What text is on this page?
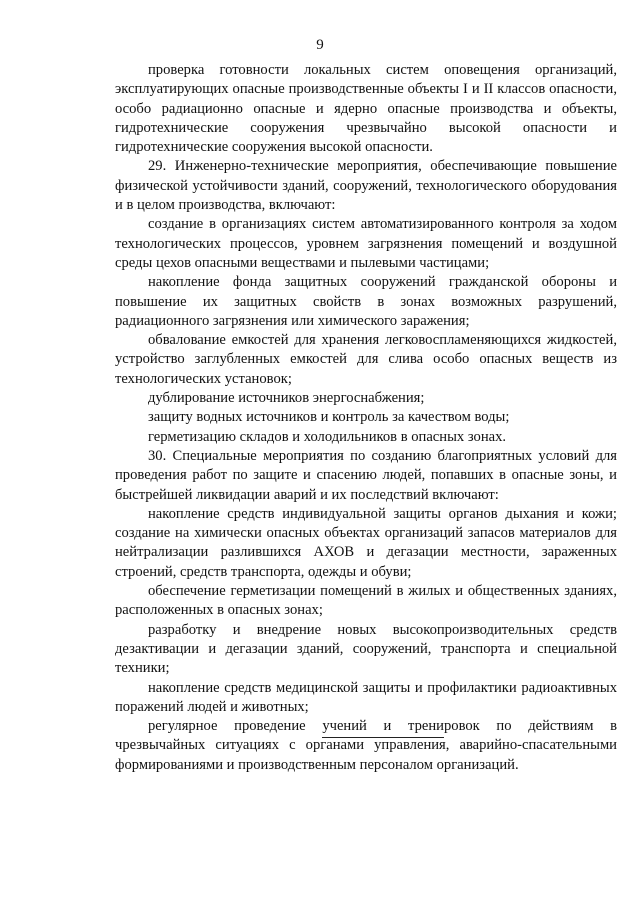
9

проверка готовности локальных систем оповещения организаций, эксплуатирующих опасные производственные объекты I и II классов опасности, особо радиационно опасные и ядерно опасные производства и объекты, гидротехнические сооружения чрезвычайно высокой опасности и гидротехнические сооружения высокой опасности.

29. Инженерно-технические мероприятия, обеспечивающие повышение физической устойчивости зданий, сооружений, технологического оборудования и в целом производства, включают:

создание в организациях систем автоматизированного контроля за ходом технологических процессов, уровнем загрязнения помещений и воздушной среды цехов опасными веществами и пылевыми частицами;

накопление фонда защитных сооружений гражданской обороны и повышение их защитных свойств в зонах возможных разрушений, радиационного загрязнения или химического заражения;

обвалование емкостей для хранения легковоспламеняющихся жидкостей, устройство заглубленных емкостей для слива особо опасных веществ из технологических установок;

дублирование источников энергоснабжения;

защиту водных источников и контроль за качеством воды;

герметизацию складов и холодильников в опасных зонах.

30. Специальные мероприятия по созданию благоприятных условий для проведения работ по защите и спасению людей, попавших в опасные зоны, и быстрейшей ликвидации аварий и их последствий включают:

накопление средств индивидуальной защиты органов дыхания и кожи; создание на химически опасных объектах организаций запасов материалов для нейтрализации разлившихся АХОВ и дегазации местности, зараженных строений, средств транспорта, одежды и обуви;

обеспечение герметизации помещений в жилых и общественных зданиях, расположенных в опасных зонах;

разработку и внедрение новых высокопроизводительных средств дезактивации и дегазации зданий, сооружений, транспорта и специальной техники;

накопление средств медицинской защиты и профилактики радиоактивных поражений людей и животных;

регулярное проведение учений и тренировок по действиям в чрезвычайных ситуациях с органами управления, аварийно-спасательными формированиями и производственным персоналом организаций.
